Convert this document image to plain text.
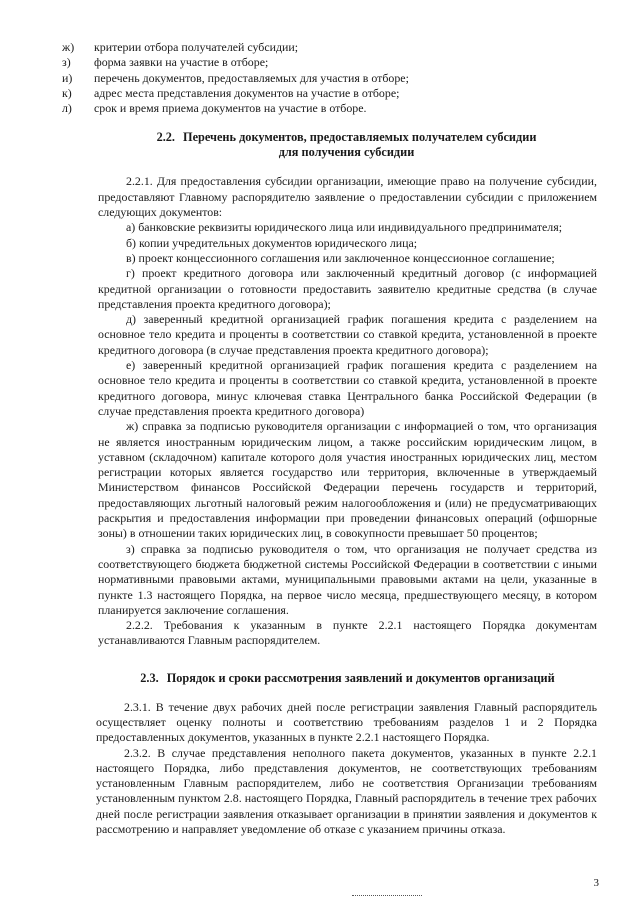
ж)	критерии отбора получателей субсидии;
з)	форма заявки на участие в отборе;
и)	перечень документов, предоставляемых для участия в отборе;
к)	адрес места представления документов на участие в отборе;
л)	срок и время приема документов на участие в отборе.
2.2. Перечень документов, предоставляемых получателем субсидии
для получения субсидии

2.2.1. Для предоставления субсидии организации, имеющие право на получение субсидии, предоставляют Главному распорядителю заявление о предоставлении субсидии с приложением следующих документов:

а) банковские реквизиты юридического лица или индивидуального предпринимателя;

б) копии учредительных документов юридического лица;

в) проект концессионного соглашения или заключенное концессионное соглашение;

г) проект кредитного договора или заключенный кредитный договор (с информацией кредитной организации о готовности предоставить заявителю кредитные средства (в случае представления проекта кредитного договора);

д) заверенный кредитной организацией график погашения кредита с разделением на основное тело кредита и проценты в соответствии со ставкой кредита, установленной в проекте кредитного договора (в случае представления проекта кредитного договора);

е) заверенный кредитной организацией график погашения кредита с разделением на основное тело кредита и проценты в соответствии со ставкой кредита, установленной в проекте кредитного договора, минус ключевая ставка Центрального банка Российской Федерации (в случае представления проекта кредитного договора)

ж) справка за подписью руководителя организации с информацией о том, что организация не является иностранным юридическим лицом, а также российским юридическим лицом, в уставном (складочном) капитале которого доля участия иностранных юридических лиц, местом регистрации которых является государство или территория, включенные в утверждаемый Министерством финансов Российской Федерации перечень государств и территорий, предоставляющих льготный налоговый режим налогообложения и (или) не предусматривающих раскрытия и предоставления информации при проведении финансовых операций (офшорные зоны) в отношении таких юридических лиц, в совокупности превышает 50 процентов;

з) справка за подписью руководителя о том, что организация не получает средства из соответствующего бюджета бюджетной системы Российской Федерации в соответствии с иными нормативными правовыми актами, муниципальными правовыми актами на цели, указанные в пункте 1.3 настоящего Порядка, на первое число месяца, предшествующего месяцу, в котором планируется заключение соглашения.

2.2.2. Требования к указанным в пункте 2.2.1 настоящего Порядка документам устанавливаются Главным распорядителем.

2.3. Порядок и сроки рассмотрения заявлений и документов организаций

2.3.1. В течение двух рабочих дней после регистрации заявления Главный распорядитель осуществляет оценку полноты и соответствию требованиям разделов 1 и 2 Порядка предоставленных документов, указанных в пункте 2.2.1 настоящего Порядка.

2.3.2. В случае представления неполного пакета документов, указанных в пункте 2.2.1 настоящего Порядка, либо представления документов, не соответствующих требованиям установленным Главным распорядителем, либо не соответствия Организации требованиям установленным пунктом 2.8. настоящего Порядка, Главный распорядитель в течение трех рабочих дней после регистрации заявления отказывает организации в принятии заявления и документов к рассмотрению и направляет уведомление об отказе с указанием причины отказа.

3
